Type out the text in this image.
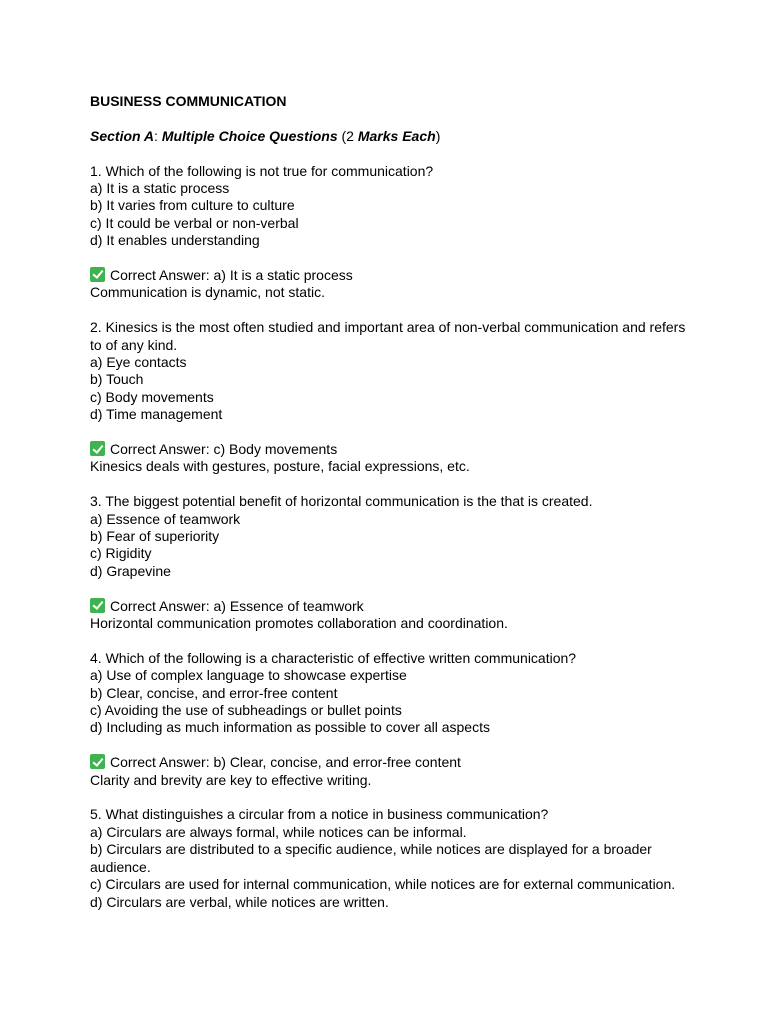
BUSINESS COMMUNICATION
Section A: Multiple Choice Questions (2 Marks Each)
1. Which of the following is not true for communication?
a) It is a static process
b) It varies from culture to culture
c) It could be verbal or non-verbal
d) It enables understanding
Correct Answer: a) It is a static process
Communication is dynamic, not static.
2. Kinesics is the most often studied and important area of non-verbal communication and refers to of any kind.
a) Eye contacts
b) Touch
c) Body movements
d) Time management
Correct Answer: c) Body movements
Kinesics deals with gestures, posture, facial expressions, etc.
3. The biggest potential benefit of horizontal communication is the that is created.
a) Essence of teamwork
b) Fear of superiority
c) Rigidity
d) Grapevine
Correct Answer: a) Essence of teamwork
Horizontal communication promotes collaboration and coordination.
4. Which of the following is a characteristic of effective written communication?
a) Use of complex language to showcase expertise
b) Clear, concise, and error-free content
c) Avoiding the use of subheadings or bullet points
d) Including as much information as possible to cover all aspects
Correct Answer: b) Clear, concise, and error-free content
Clarity and brevity are key to effective writing.
5. What distinguishes a circular from a notice in business communication?
a) Circulars are always formal, while notices can be informal.
b) Circulars are distributed to a specific audience, while notices are displayed for a broader audience.
c) Circulars are used for internal communication, while notices are for external communication.
d) Circulars are verbal, while notices are written.
